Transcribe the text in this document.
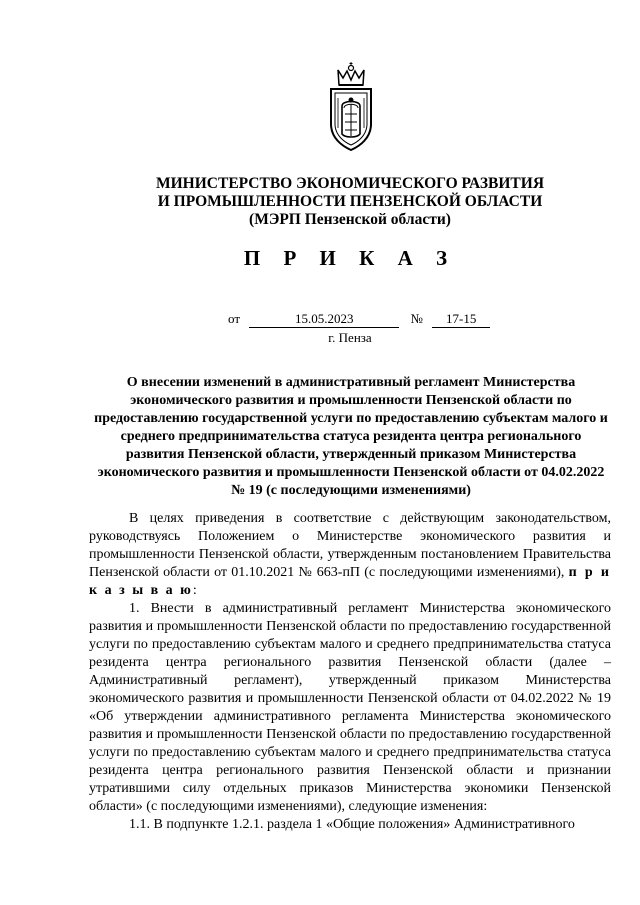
МИНИСТЕРСТВО ЭКОНОМИЧЕСКОГО РАЗВИТИЯ
И ПРОМЫШЛЕННОСТИ ПЕНЗЕНСКОЙ ОБЛАСТИ
(МЭРП Пензенской области)
П Р И К А З
от	15.05.2023	№ 17-15
г. Пенза
О внесении изменений в административный регламент Министерства экономического развития и промышленности Пензенской области по предоставлению государственной услуги по предоставлению субъектам малого и среднего предпринимательства статуса резидента центра регионального развития Пензенской области, утвержденный приказом Министерства экономического развития и промышленности Пензенской области от 04.02.2022 № 19 (с последующими изменениями)

В целях приведения в соответствие с действующим законодательством, руководствуясь Положением о Министерстве экономического развития и промышленности Пензенской области, утвержденным постановлением Правительства Пензенской области от 01.10.2021 № 663-пП (с последующими изменениями), п р и к а з ы в а ю:

1. Внести в административный регламент Министерства экономического развития и промышленности Пензенской области по предоставлению государственной услуги по предоставлению субъектам малого и среднего предпринимательства статуса резидента центра регионального развития Пензенской области (далее – Административный регламент), утвержденный приказом Министерства экономического развития и промышленности Пензенской области от 04.02.2022 № 19 «Об утверждении административного регламента Министерства экономического развития и промышленности Пензенской области по предоставлению государственной услуги по предоставлению субъектам малого и среднего предпринимательства статуса резидента центра регионального развития Пензенской области и признании утратившими силу отдельных приказов Министерства экономики Пензенской области» (с последующими изменениями), следующие изменения:

1.1. В подпункте 1.2.1. раздела 1 «Общие положения» Административного
